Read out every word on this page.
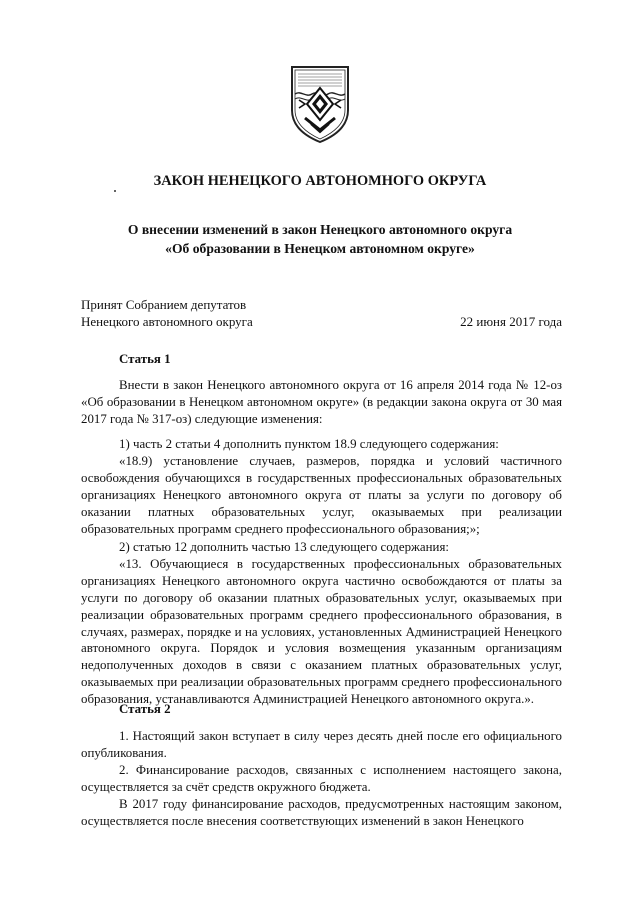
ЗАКОН НЕНЕЦКОГО АВТОНОМНОГО ОКРУГА
О внесении изменений в закон Ненецкого автономного округа
«Об образовании в Ненецком автономном округе»
Принят Собранием депутатов
Ненецкого автономного округа	22 июня 2017 года

Статья 1

Внести в закон Ненецкого автономного округа от 16 апреля 2014 года № 12-оз «Об образовании в Ненецком автономном округе» (в редакции закона округа от 30 мая 2017 года № 317-оз) следующие изменения:

1) часть 2 статьи 4 дополнить пунктом 18.9 следующего содержания:

«18.9) установление случаев, размеров, порядка и условий частичного освобождения обучающихся в государственных профессиональных образовательных организациях Ненецкого автономного округа от платы за услуги по договору об оказании платных образовательных услуг, оказываемых при реализации образовательных программ среднего профессионального образования;»;

2) статью 12 дополнить частью 13 следующего содержания:

«13. Обучающиеся в государственных профессиональных образовательных организациях Ненецкого автономного округа частично освобождаются от платы за услуги по договору об оказании платных образовательных услуг, оказываемых при реализации образовательных программ среднего профессионального образования, в случаях, размерах, порядке и на условиях, установленных Администрацией Ненецкого автономного округа. Порядок и условия возмещения указанным организациям недополученных доходов в связи с оказанием платных образовательных услуг, оказываемых при реализации образовательных программ среднего профессионального образования, устанавливаются Администрацией Ненецкого автономного округа.».

Статья 2

1. Настоящий закон вступает в силу через десять дней после его официального опубликования.

2. Финансирование расходов, связанных с исполнением настоящего закона, осуществляется за счёт средств окружного бюджета.

В 2017 году финансирование расходов, предусмотренных настоящим законом, осуществляется после внесения соответствующих изменений в закон Ненецкого
